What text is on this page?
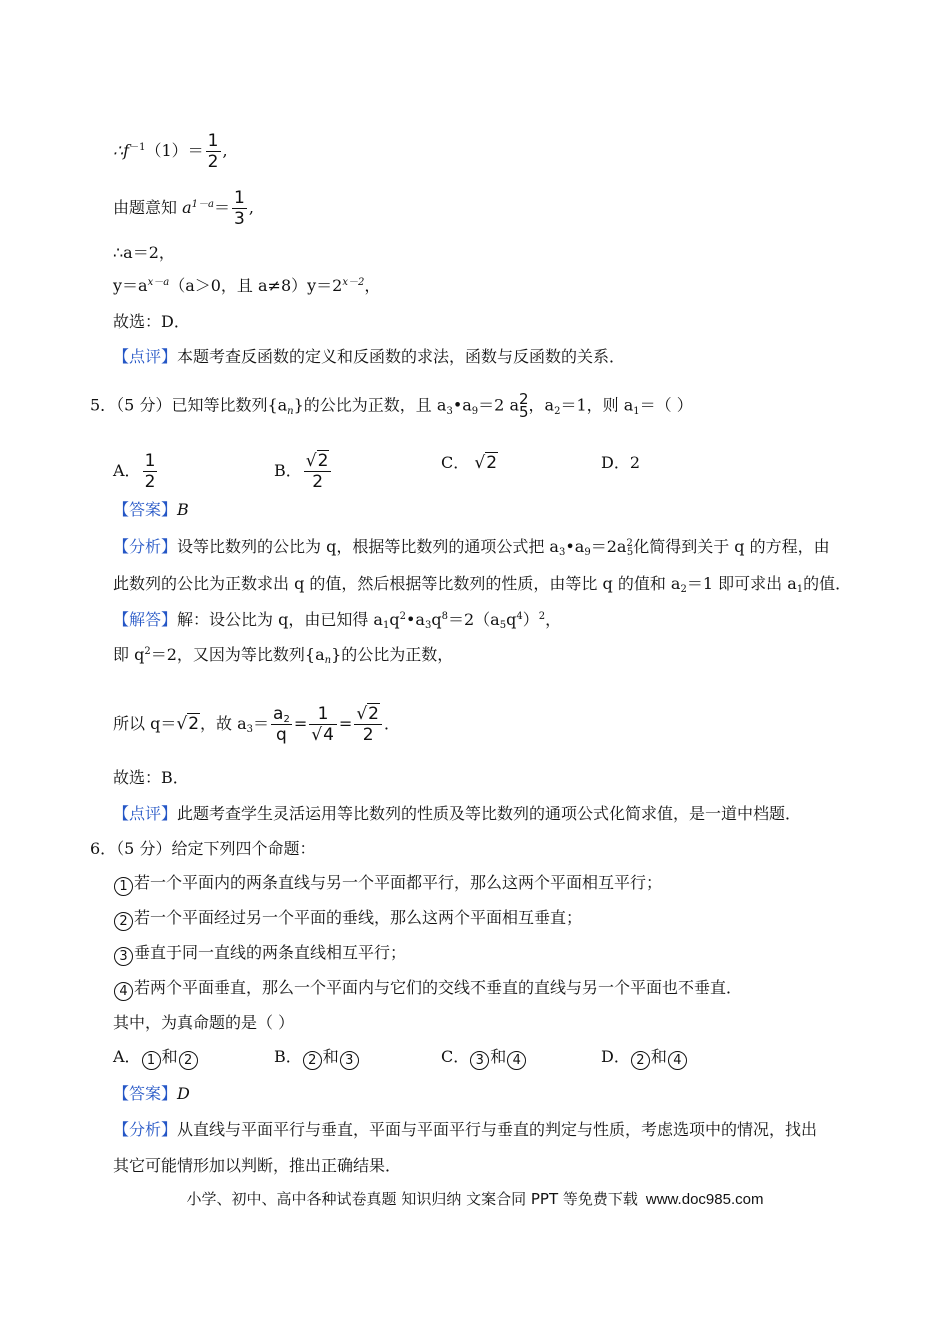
$\therefore f^{-1}(1)= \frac{1}{2}$ ,
由题意知 $a^{1-a}= \frac{1}{3}$ ,
∴a＝2，
$y=a^{x-a}(a>0$，且 $a\ne 8)y=2^{x-2}$，
故选：D．
【点评】本题考查反函数的定义和反函数的求法，函数与反函数的关系．
5．（5 分）已知等比数列$\{a_n\}$的公比为正数，且 $a_3•a_9=2$ a 2
5 ，$a_2=1$，则 $a_1=$（ ）
A． $\frac{1}{2}$	B． $\frac{√2}{2}$	C． √2	D．2
【答案】B
【分析】设等比数列的公比为 q，根据等比数列的通项公式把 $a_3•a_9=2a^2_5$化简得到关于 q 的方程，由
此数列的公比为正数求出 q 的值，然后根据等比数列的性质，由等比 q 的值和 $a_2=1$ 即可求出 $a_1$的值．
【解答】解：设公比为 q，由已知得 $a_1q^2•a_3q^8=2(a_5q^4)^2$，
即 $q^2=2$，又因为等比数列$\{a_n\}$的公比为正数，
所以 q＝√2，故 $a_3= \frac{a_2}{q} = \frac{1}{√4} = \frac{√2}{2}$ ．
故选：B．
【点评】此题考查学生灵活运用等比数列的性质及等比数列的通项公式化简求值，是一道中档题．
6．（5 分）给定下列四个命题：
1 若一个平面内的两条直线与另一个平面都平行，那么这两个平面相互平行；
2 若一个平面经过另一个平面的垂线，那么这两个平面相互垂直；
3 垂直于同一直线的两条直线相互平行；
4 若两个平面垂直，那么一个平面内与它们的交线不垂直的直线与另一个平面也不垂直．
其中，为真命题的是（ ）
A． 1 和 2	B． 2 和 3	C． 3 和 4	D． 2 和 4
【答案】D
【分析】从直线与平面平行与垂直，平面与平面平行与垂直的判定与性质，考虑选项中的情况，找出
其它可能情形加以判断，推出正确结果．
小学、初中、高中各种试卷真题 知识归纳 文案合同 PPT 等免费下载 www.doc985.com
